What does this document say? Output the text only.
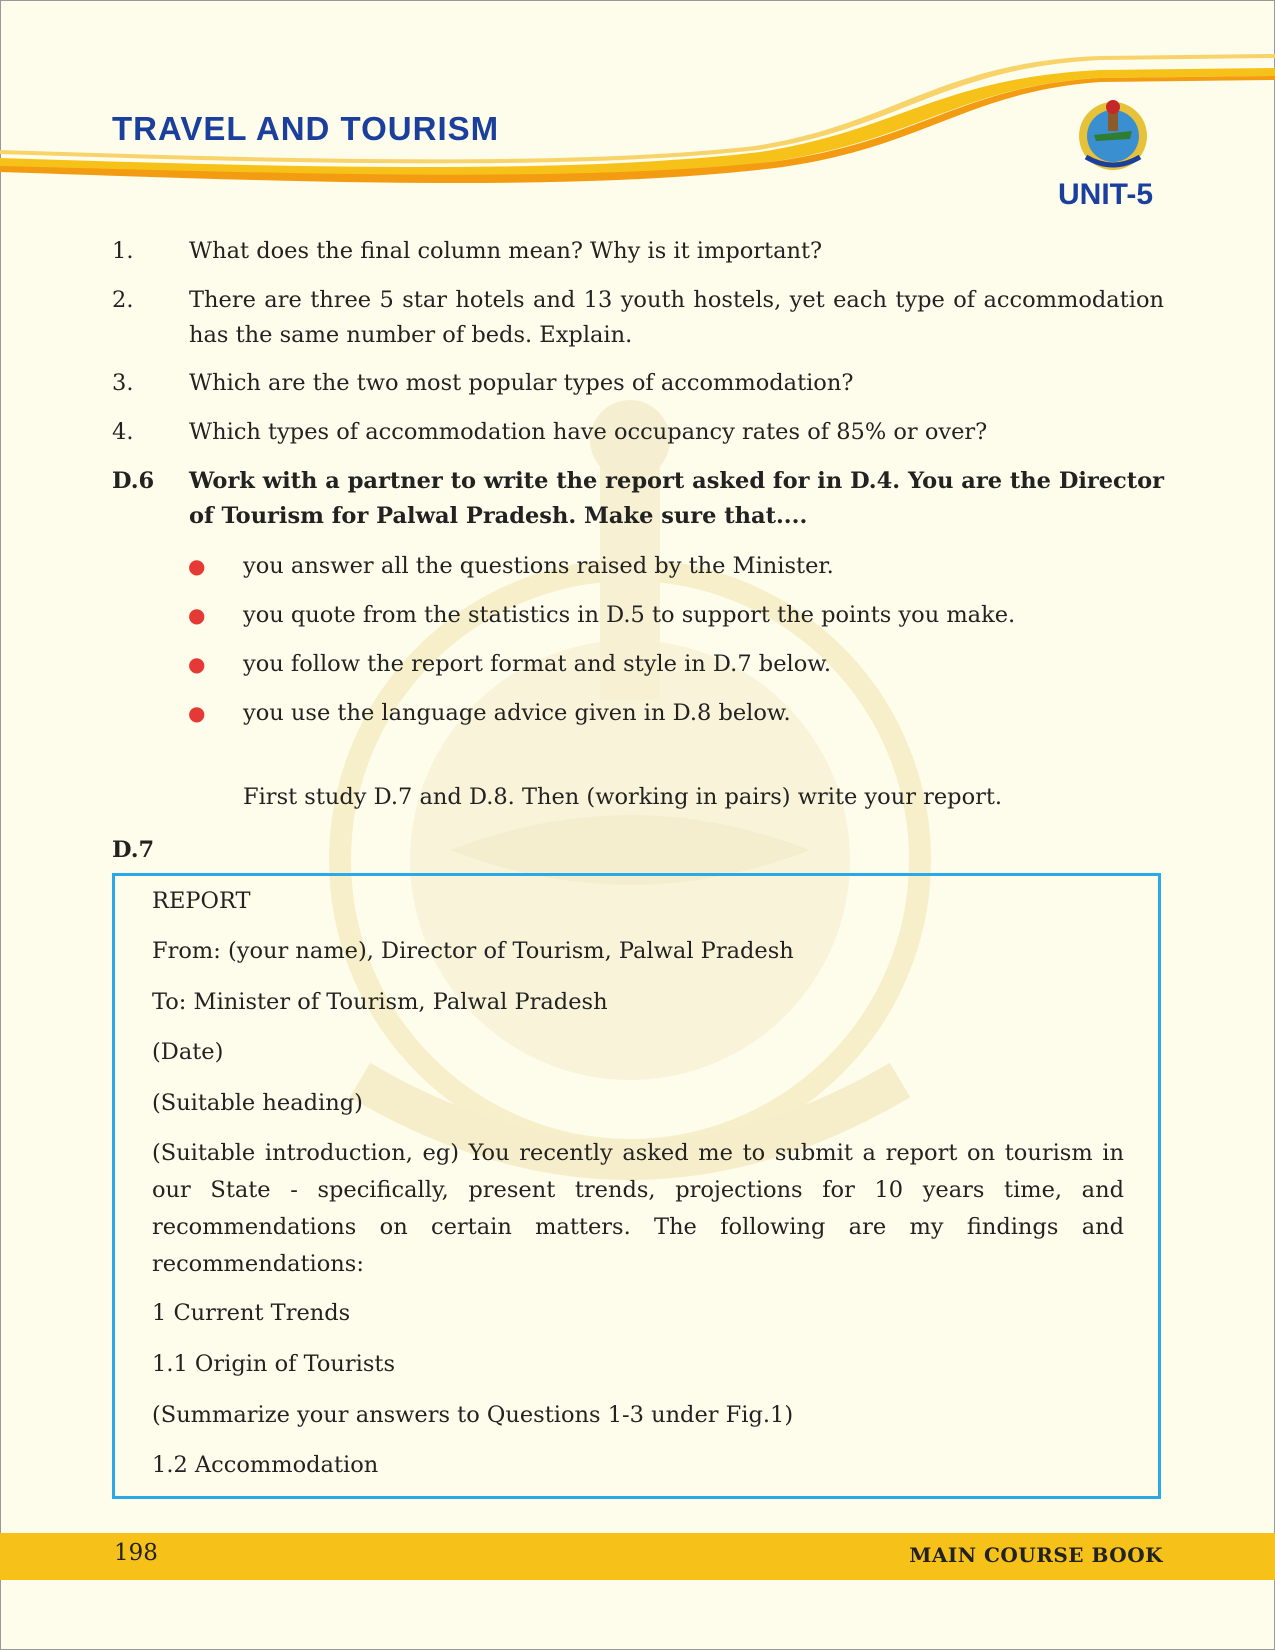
TRAVEL AND TOURISM
UNIT-5
1. What does the final column mean? Why is it important?
2. There are three 5 star hotels and 13 youth hostels, yet each type of accommodation has the same number of beds. Explain.
3. Which are the two most popular types of accommodation?
4. Which types of accommodation have occupancy rates of 85% or over?
D.6 Work with a partner to write the report asked for in D.4. You are the Director of Tourism for Palwal Pradesh. Make sure that....
● you answer all the questions raised by the Minister.
● you quote from the statistics in D.5 to support the points you make.
● you follow the report format and style in D.7 below.
● you use the language advice given in D.8 below.
First study D.7 and D.8. Then (working in pairs) write your report.
D.7
REPORT
From: (your name), Director of Tourism, Palwal Pradesh
To: Minister of Tourism, Palwal Pradesh
(Date)
(Suitable heading)
(Suitable introduction, eg) You recently asked me to submit a report on tourism in our State - specifically, present trends, projections for 10 years time, and recommendations on certain matters. The following are my findings and recommendations:
1 Current Trends
1.1 Origin of Tourists
(Summarize your answers to Questions 1-3 under Fig.1)
1.2 Accommodation
198	MAIN COURSE BOOK
